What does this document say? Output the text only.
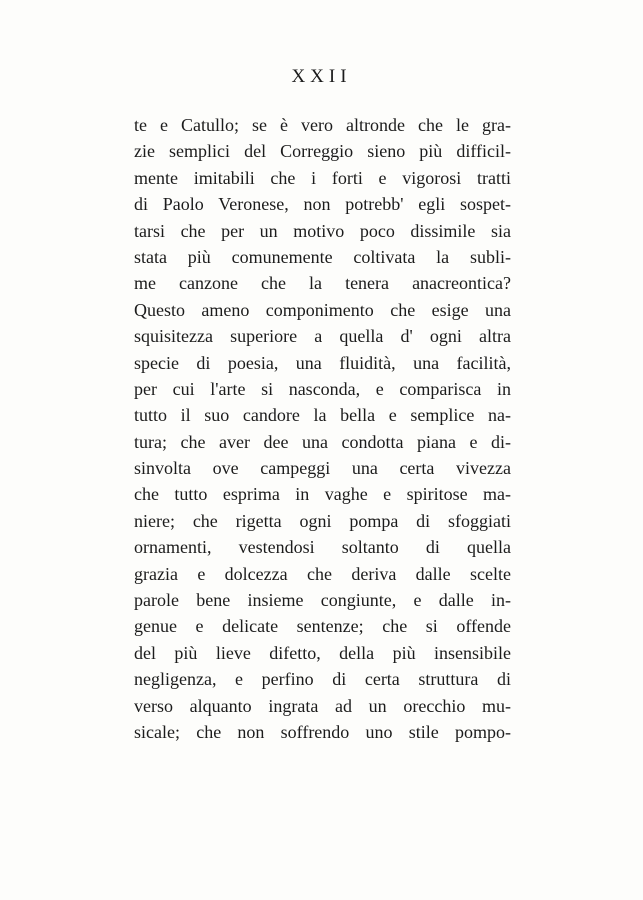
XXII
te e Catullo; se è vero altronde che le gra-
zie semplici del Correggio sieno più difficil-
mente imitabili che i forti e vigorosi tratti
di Paolo Veronese, non potrebb' egli sospet-
tarsi che per un motivo poco dissimile sia
stata più comunemente coltivata la subli-
me canzone che la tenera anacreontica?
Questo ameno componimento che esige una
squisitezza superiore a quella d' ogni altra
specie di poesia, una fluidità, una facilità,
per cui l'arte si nasconda, e comparisca in
tutto il suo candore la bella e semplice na-
tura; che aver dee una condotta piana e di-
sinvolta ove campeggi una certa vivezza
che tutto esprima in vaghe e spiritose ma-
niere; che rigetta ogni pompa di sfoggiati
ornamenti, vestendosi soltanto di quella
grazia e dolcezza che deriva dalle scelte
parole bene insieme congiunte, e dalle in-
genue e delicate sentenze; che si offende
del più lieve difetto, della più insensibile
negligenza, e perfino di certa struttura di
verso alquanto ingrata ad un orecchio mu-
sicale; che non soffrendo uno stile pompo-
